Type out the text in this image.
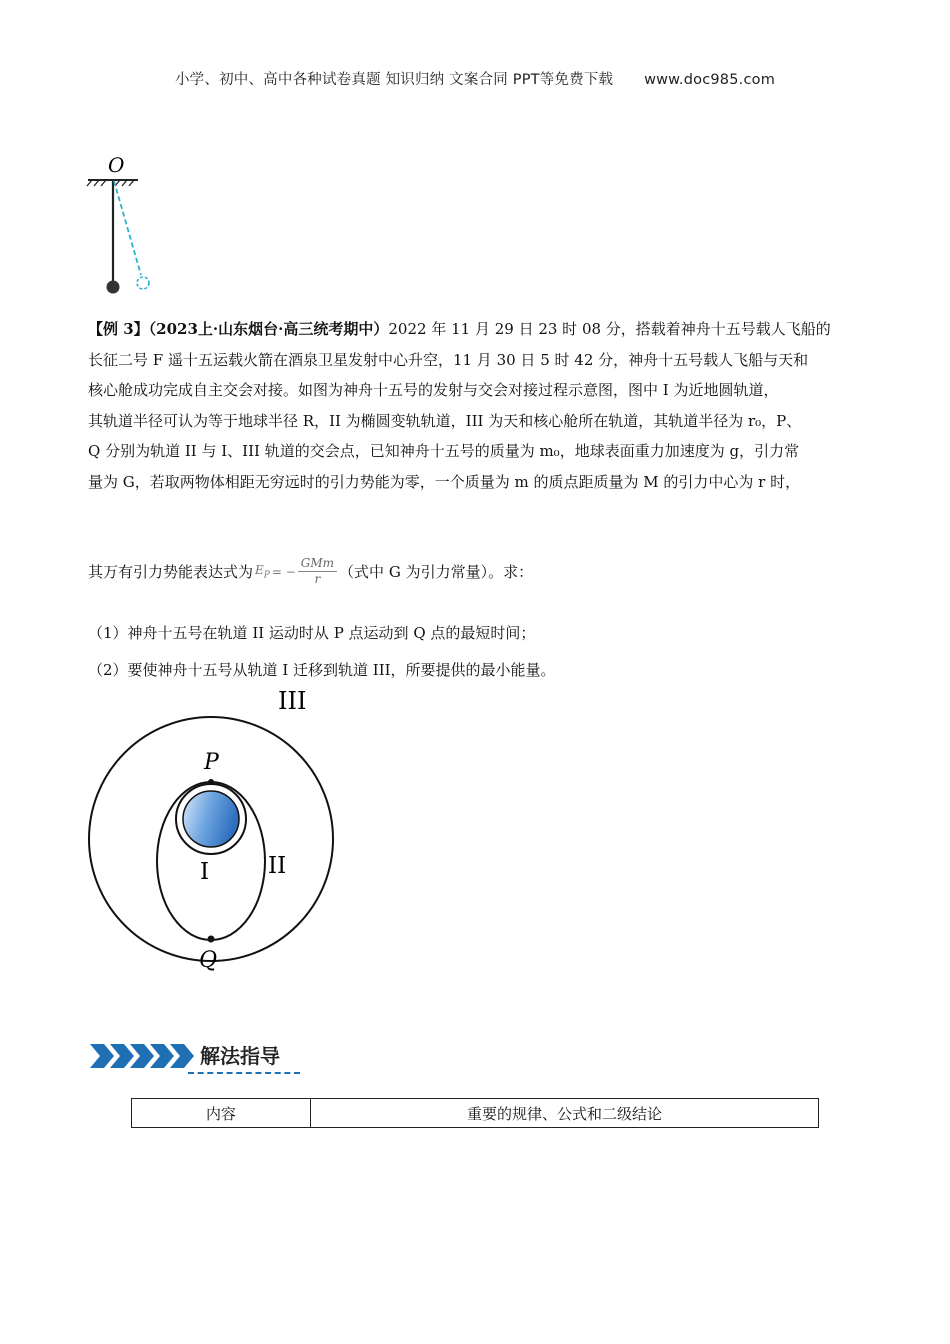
小学、初中、高中各种试卷真题 知识归纳 文案合同 PPT等免费下载 www.doc985.com
O
【例 3】（2023上·山东烟台·高三统考期中）2022 年 11 月 29 日 23 时 08 分，搭载着神舟十五号载人飞船的
长征二号 F 遥十五运载火箭在酒泉卫星发射中心升空，11 月 30 日 5 时 42 分，神舟十五号载人飞船与天和
核心舱成功完成自主交会对接。如图为神舟十五号的发射与交会对接过程示意图，图中 I 为近地圆轨道，
其轨道半径可认为等于地球半径 R，II 为椭圆变轨轨道，III 为天和核心舱所在轨道，其轨道半径为 r₀，P、
Q 分别为轨道 II 与 I、III 轨道的交会点，已知神舟十五号的质量为 m₀，地球表面重力加速度为 g，引力常
量为 G，若取两物体相距无穷远时的引力势能为零，一个质量为 m 的质点距质量为 M 的引力中心为 r 时，
其万有引力势能表达式为 $E_P$ = − $\frac{\text{GMm}}{r}$ （式中 G 为引力常量）。求：
（1）神舟十五号在轨道 II 运动时从 P 点运动到 Q 点的最短时间；
（2）要使神舟十五号从轨道 I 迁移到轨道 III，所要提供的最小能量。
III
II
I
P
Q
解法指导
内容	重要的规律、公式和二级结论
